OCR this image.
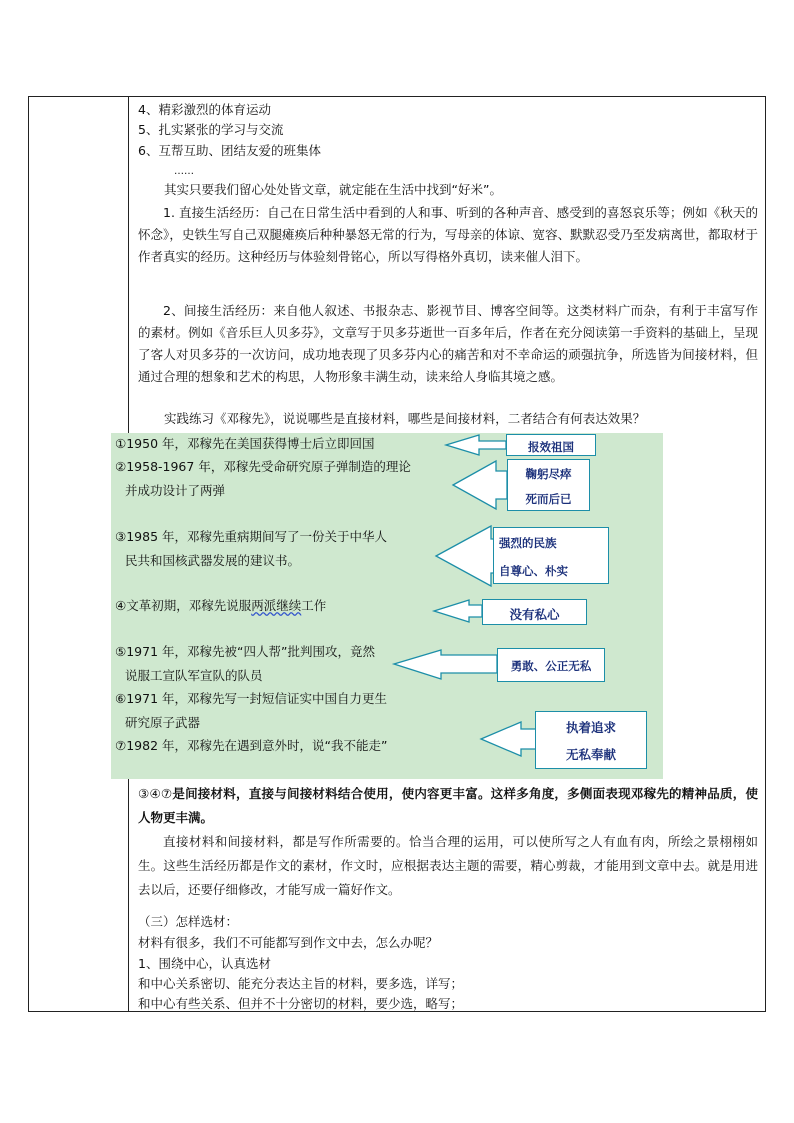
4、精彩激烈的体育运动
5、扎实紧张的学习与交流
6、互帮互助、团结友爱的班集体
……
其实只要我们留心处处皆文章，就定能在生活中找到“好米”。
1. 直接生活经历：自己在日常生活中看到的人和事、听到的各种声音、感受到的喜怒哀乐等；例如《秋天的怀念》，史铁生写自己双腿瘫痪后种种暴怒无常的行为，写母亲的体谅、宽容、默默忍受乃至发病离世，都取材于作者真实的经历。这种经历与体验刻骨铭心，所以写得格外真切，读来催人泪下。
2、间接生活经历：来自他人叙述、书报杂志、影视节目、博客空间等。这类材料广而杂，有利于丰富写作的素材。例如《音乐巨人贝多芬》，文章写于贝多芬逝世一百多年后，作者在充分阅读第一手资料的基础上，呈现了客人对贝多芬的一次访问，成功地表现了贝多芬内心的痛苦和对不幸命运的顽强抗争，所选皆为间接材料，但通过合理的想象和艺术的构思，人物形象丰满生动，读来给人身临其境之感。
实践练习《邓稼先》，说说哪些是直接材料，哪些是间接材料，二者结合有何表达效果？
③④⑦是间接材料，直接与间接材料结合使用，使内容更丰富。这样多角度，多侧面表现邓稼先的精神品质，使人物更丰满。
直接材料和间接材料，都是写作所需要的。恰当合理的运用，可以使所写之人有血有肉，所绘之景栩栩如生。这些生活经历都是作文的素材，作文时，应根据表达主题的需要，精心剪裁，才能用到文章中去。就是用进去以后，还要仔细修改，才能写成一篇好作文。
（三）怎样选材：
材料有很多，我们不可能都写到作文中去，怎么办呢？
1、围绕中心，认真选材
和中心关系密切、能充分表达主旨的材料，要多选，详写；
和中心有些关系、但并不十分密切的材料，要少选，略写；
①1950 年，邓稼先在美国获得博士后立即回国
②1958-1967 年，邓稼先受命研究原子弹制造的理论
并成功设计了两弹
③1985 年，邓稼先重病期间写了一份关于中华人
民共和国核武器发展的建议书。
④文革初期，邓稼先说服两派继续工作
⑤1971 年，邓稼先被“四人帮”批判围攻，竟然
说服工宣队军宣队的队员
⑥1971 年，邓稼先写一封短信证实中国自力更生
研究原子武器
⑦1982 年，邓稼先在遇到意外时，说“我不能走”
报效祖国
鞠躬尽瘁
死而后已
强烈的民族
自尊心、朴实
没有私心
勇敢、公正无私
执着追求
无私奉献
